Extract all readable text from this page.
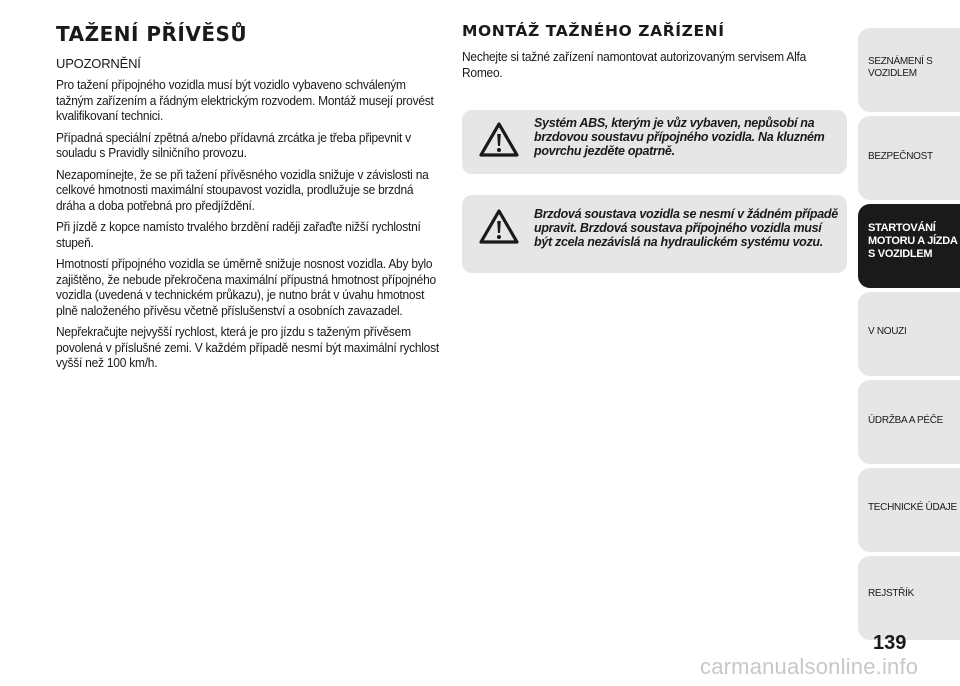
TAŽENÍ PŘÍVĚSŮ
UPOZORNĚNÍ

Pro tažení přípojného vozidla musí být vozidlo vybaveno schváleným tažným zařízením a řádným elektrickým rozvodem. Montáž musejí provést kvalifikovaní technici.

Případná speciální zpětná a/nebo přídavná zrcátka je třeba připevnit v souladu s Pravidly silničního provozu.

Nezapomínejte, že se při tažení přívěsného vozidla snižuje v závislosti na celkové hmotnosti maximální stoupavost vozidla, prodlužuje se brzdná dráha a doba potřebná pro předjíždění.

Při jízdě z kopce namísto trvalého brzdění raději zařaďte nižší rychlostní stupeň.

Hmotností přípojného vozidla se úměrně snižuje nosnost vozidla. Aby bylo zajištěno, že nebude překročena maximální přípustná hmotnost přípojného vozidla (uvedená v technickém průkazu), je nutno brát v úvahu hmotnost plně naloženého přívěsu včetně příslušenství a osobních zavazadel.

Nepřekračujte nejvyšší rychlost, která je pro jízdu s taženým přívěsem povolená v příslušné zemi. V každém případě nesmí být maximální rychlost vyšší než 100 km/h.

MONTÁŽ TAŽNÉHO ZAŘÍZENÍ

Nechejte si tažné zařízení namontovat autorizovaným servisem Alfa Romeo.

Systém ABS, kterým je vůz vybaven, nepůsobí na brzdovou soustavu přípojného vozidla. Na kluzném povrchu jezděte opatrně.
Brzdová soustava vozidla se nesmí v žádném případě upravit. Brzdová soustava přípojného vozidla musí být zcela nezávislá na hydraulickém systému vozu.
SEZNÁMENÍ S
VOZIDLEM
BEZPEČNOST
STARTOVÁNÍ
MOTORU A JÍZDA
S VOZIDLEM
V NOUZI
ÚDRŽBA A PÉČE
TECHNICKÉ ÚDAJE
REJSTŘÍK
139
carmanualsonline.info
